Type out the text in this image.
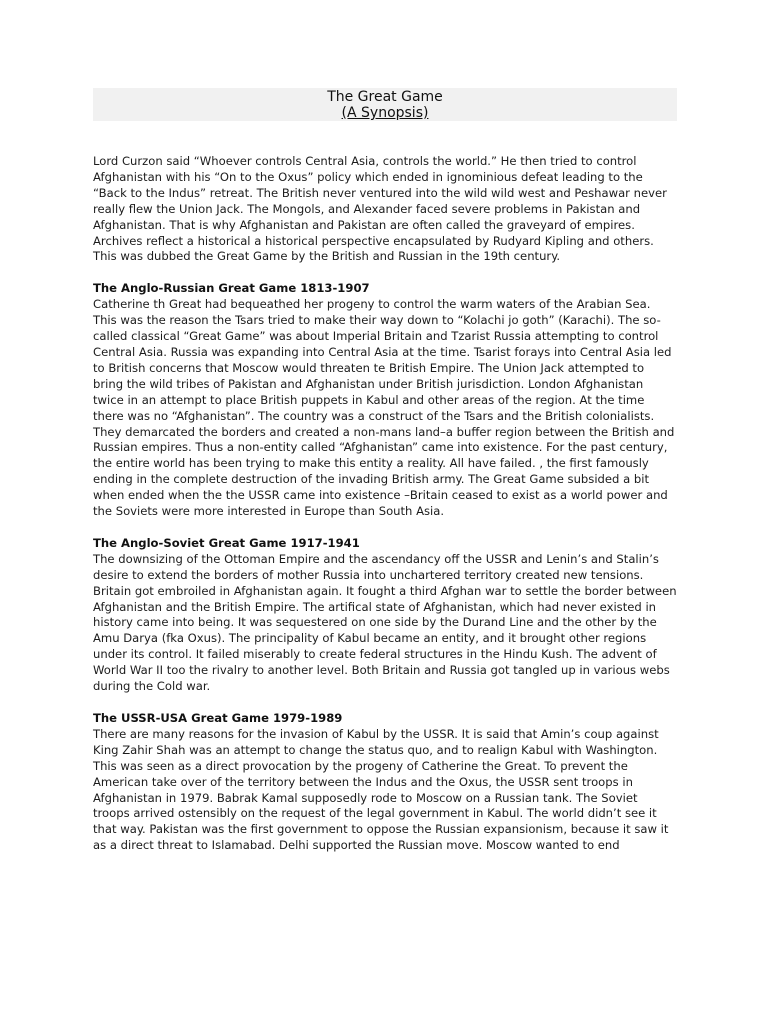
The Great Game
(A Synopsis)

Lord Curzon said “Whoever controls Central Asia, controls the world.” He then tried to control Afghanistan with his “On to the Oxus” policy which ended in ignominious defeat leading to the “Back to the Indus” retreat. The British never ventured into the wild wild west and Peshawar never really flew the Union Jack. The Mongols, and Alexander faced severe problems in Pakistan and Afghanistan. That is why Afghanistan and Pakistan are often called the graveyard of empires. Archives reflect a historical a historical perspective encapsulated by Rudyard Kipling and others. This was dubbed the Great Game by the British and Russian in the 19th century.

The Anglo-Russian Great Game 1813-1907

Catherine th Great had bequeathed her progeny to control the warm waters of the Arabian Sea. This was the reason the Tsars tried to make their way down to “Kolachi jo goth” (Karachi). The so-called classical “Great Game” was about Imperial Britain and Tzarist Russia attempting to control Central Asia. Russia was expanding into Central Asia at the time. Tsarist forays into Central Asia led to British concerns that Moscow would threaten te British Empire. The Union Jack attempted to bring the wild tribes of Pakistan and Afghanistan under British jurisdiction. London Afghanistan twice in an attempt to place British puppets in Kabul and other areas of the region. At the time there was no “Afghanistan”. The country was a construct of the Tsars and the British colonialists. They demarcated the borders and created a non-mans land–a buffer region between the British and Russian empires. Thus a non-entity called “Afghanistan” came into existence. For the past century, the entire world has been trying to make this entity a reality. All have failed. , the first famously ending in the complete destruction of the invading British army. The Great Game subsided a bit when ended when the the USSR came into existence –Britain ceased to exist as a world power and the Soviets were more interested in Europe than South Asia.

The Anglo-Soviet Great Game 1917-1941

The downsizing of the Ottoman Empire and the ascendancy off the USSR and Lenin’s and Stalin’s desire to extend the borders of mother Russia into unchartered territory created new tensions. Britain got embroiled in Afghanistan again. It fought a third Afghan war to settle the border between Afghanistan and the British Empire. The artifical state of Afghanistan, which had never existed in history came into being. It was sequestered on one side by the Durand Line and the other by the Amu Darya (fka Oxus). The principality of Kabul became an entity, and it brought other regions under its control. It failed miserably to create federal structures in the Hindu Kush. The advent of World War II too the rivalry to another level. Both Britain and Russia got tangled up in various webs during the Cold war.

The USSR-USA Great Game 1979-1989

There are many reasons for the invasion of Kabul by the USSR. It is said that Amin’s coup against King Zahir Shah was an attempt to change the status quo, and to realign Kabul with Washington. This was seen as a direct provocation by the progeny of Catherine the Great. To prevent the American take over of the territory between the Indus and the Oxus, the USSR sent troops in Afghanistan in 1979. Babrak Kamal supposedly rode to Moscow on a Russian tank. The Soviet troops arrived ostensibly on the request of the legal government in Kabul. The world didn’t see it that way. Pakistan was the first government to oppose the Russian expansionism, because it saw it as a direct threat to Islamabad. Delhi supported the Russian move. Moscow wanted to end
